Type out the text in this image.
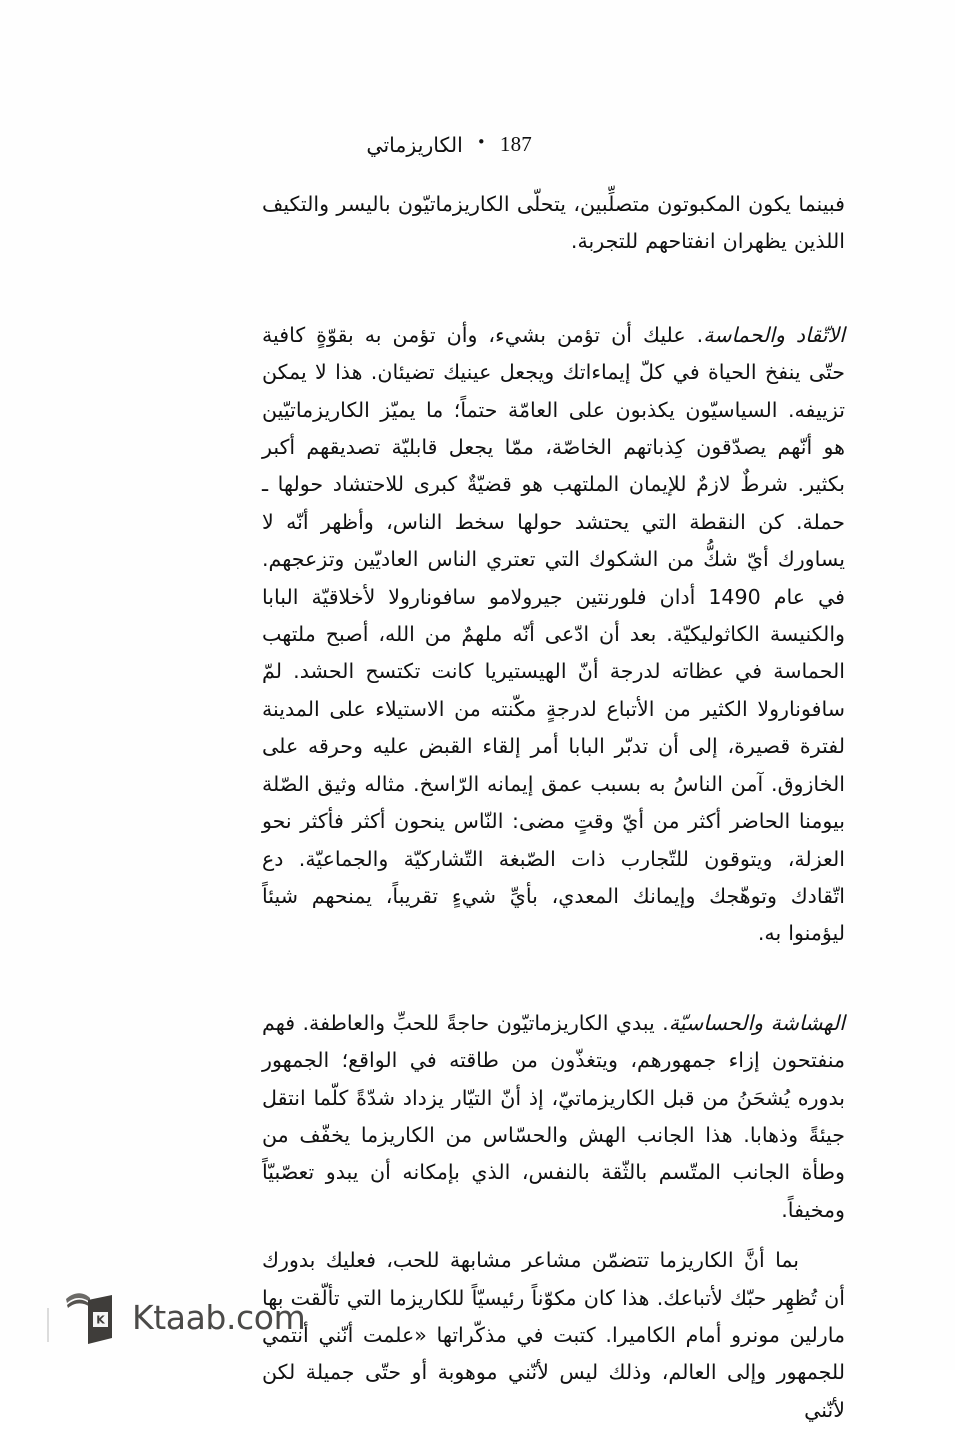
الكاريزماتي • 187

فبينما يكون المكبوتون متصلِّبين، يتحلّى الكاريزماتيّون باليسر والتكيف اللذين يظهران انفتاحهم للتجربة.

الاتّقاد والحماسة. عليك أن تؤمن بشيء، وأن تؤمن به بقوّةٍ كافية حتّى ينفخ الحياة في كلّ إيماءاتك ويجعل عينيك تضيئان. هذا لا يمكن تزييفه. السياسيّون يكذبون على العامّة حتماً؛ ما يميّز الكاريزماتيّين هو أنّهم يصدّقون كِذباتهم الخاصّة، ممّا يجعل قابليّة تصديقهم أكبر بكثير. شرطٌ لازمٌ للإيمان الملتهب هو قضيّةٌ كبرى للاحتشاد حولها ـ حملة. كن النقطة التي يحتشد حولها سخط الناس، وأظهر أنّه لا يساورك أيّ شكُّ من الشكوك التي تعتري الناس العاديّين وتزعجهم. في عام 1490 أدان فلورنتين جيرولامو سافونارولا لأخلاقيّة البابا والكنيسة الكاثوليكيّة. بعد أن ادّعى أنّه ملهمٌ من الله، أصبح ملتهب الحماسة في عظاته لدرجة أنّ الهيستيريا كانت تكتسح الحشد. لمّ سافونارولا الكثير من الأتباع لدرجةٍ مكّنته من الاستيلاء على المدينة لفترة قصيرة، إلى أن تدبّر البابا أمر إلقاء القبض عليه وحرقه على الخازوق. آمن الناسُ به بسبب عمق إيمانه الرّاسخ. مثاله وثيق الصّلة بيومنا الحاضر أكثر من أيّ وقتٍ مضى: النّاس ينحون أكثر فأكثر نحو العزلة، ويتوقون للتّجارب ذات الصّبغة التّشاركيّة والجماعيّة. دع اتّقادك وتوهّجك وإيمانك المعدي، بأيِّ شيءٍ تقريباً، يمنحهم شيئاً ليؤمنوا به.

الهشاشة والحساسيّة. يبدي الكاريزماتيّون حاجةً للحبِّ والعاطفة. فهم منفتحون إزاء جمهورهم، ويتغذّون من طاقته في الواقع؛ الجمهور بدوره يُشحَنُ من قبل الكاريزماتيّ، إذ أنّ التيّار يزداد شدّةً كلّما انتقل جيئةً وذهابا. هذا الجانب الهش والحسّاس من الكاريزما يخفّف من وطأة الجانب المتّسم بالثّقة بالنفس، الذي بإمكانه أن يبدو تعصّبيّاً ومخيفاً.

بما أنَّ الكاريزما تتضمّن مشاعر مشابهة للحب، فعليك بدورك أن تُظهِر حبّك لأتباعك. هذا كان مكوّناً رئيسيّاً للكاريزما التي تألّقت بها مارلين مونرو أمام الكاميرا. كتبت في مذكّراتها «علمت أنّني أنتمي للجمهور وإلى العالم، وذلك ليس لأنّني موهوبة أو حتّى جميلة لكن لأنّني

K Ktaab.com
